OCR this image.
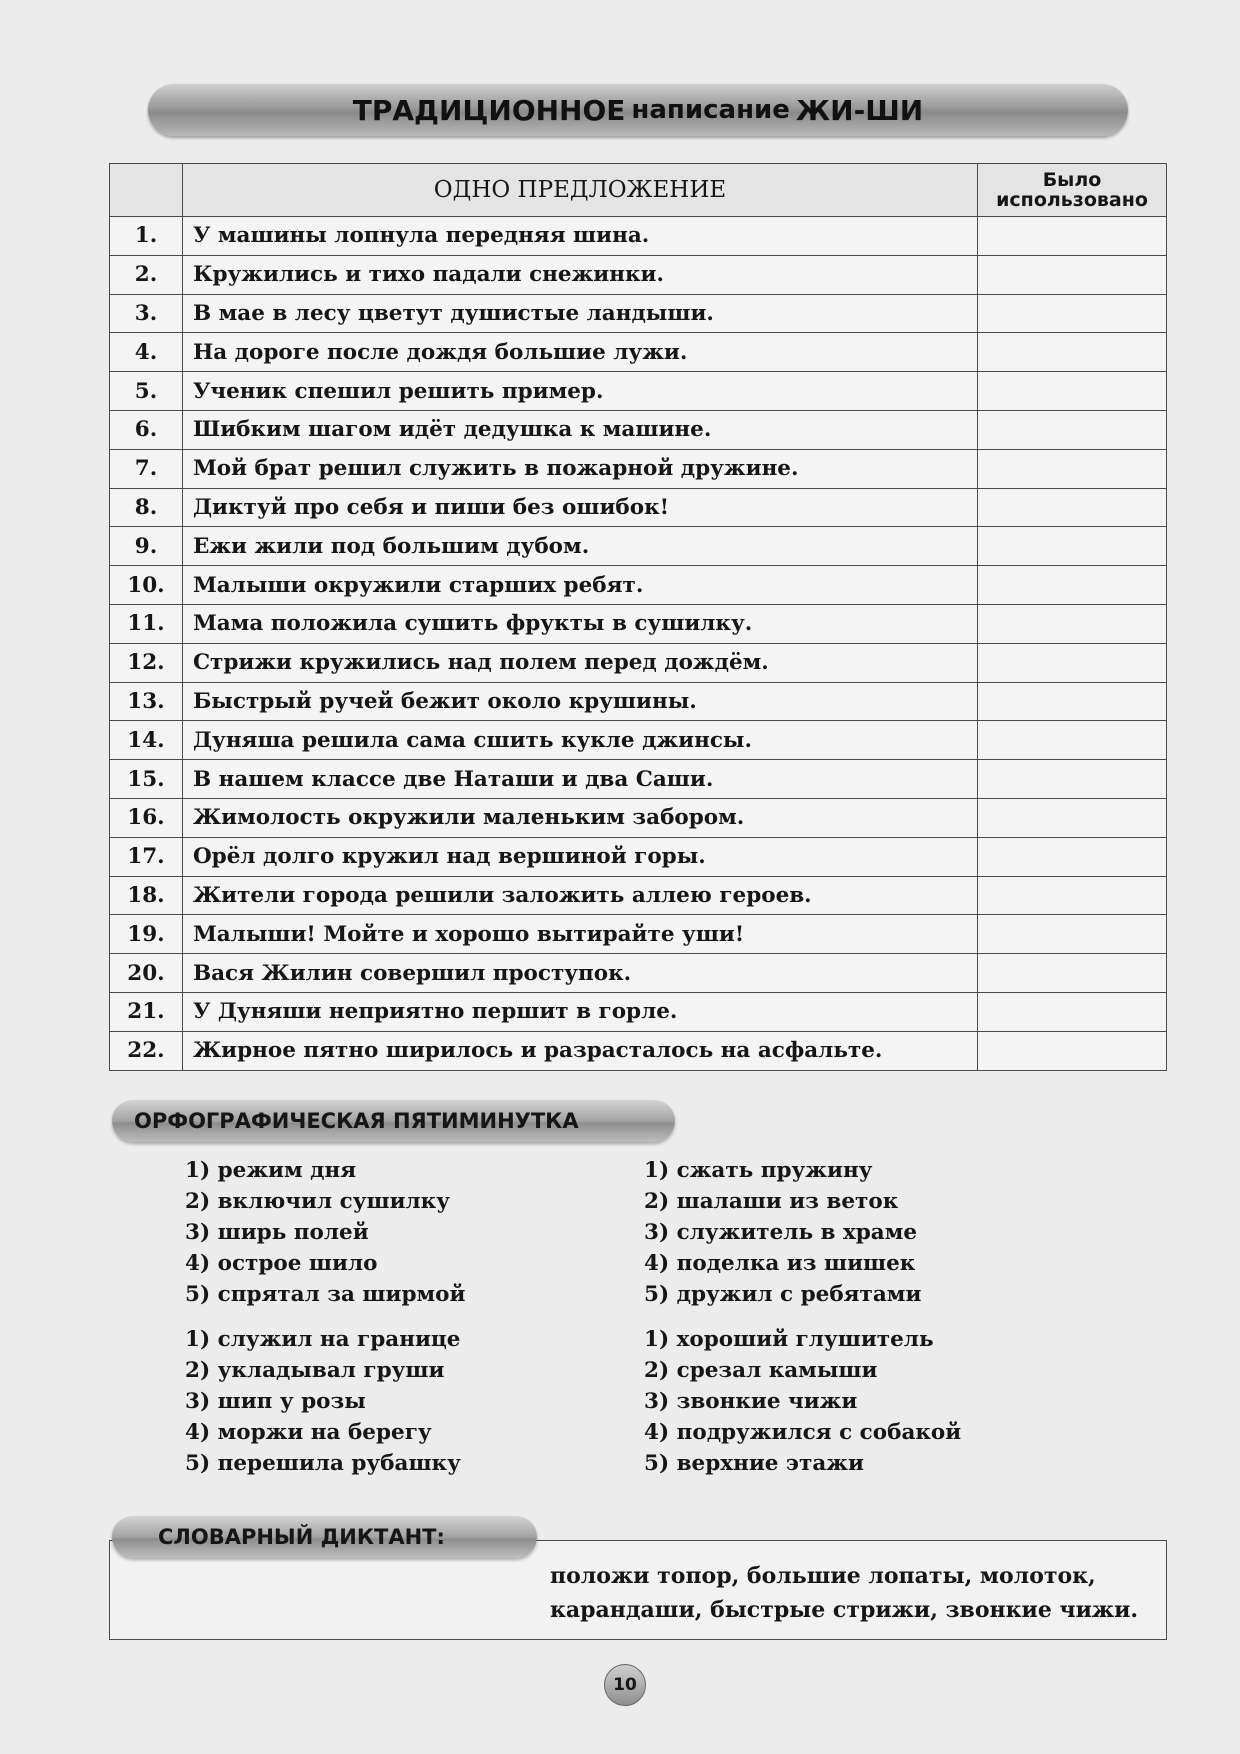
ТРАДИЦИОННОЕ написание ЖИ-ШИ
	ОДНО ПРЕДЛОЖЕНИЕ	Было
использовано

1.	У машины лопнула передняя шина.	
2.	Кружились и тихо падали снежинки.	
3.	В мае в лесу цветут душистые ландыши.	
4.	На дороге после дождя большие лужи.	
5.	Ученик спешил решить пример.	
6.	Шибким шагом идёт дедушка к машине.	
7.	Мой брат решил служить в пожарной дружине.	
8.	Диктуй про себя и пиши без ошибок!	
9.	Ежи жили под большим дубом.	
10.	Малыши окружили старших ребят.	
11.	Мама положила сушить фрукты в сушилку.	
12.	Стрижи кружились над полем перед дождём.	
13.	Быстрый ручей бежит около крушины.	
14.	Дуняша решила сама сшить кукле джинсы.	
15.	В нашем классе две Наташи и два Саши.	
16.	Жимолость окружили маленьким забором.	
17.	Орёл долго кружил над вершиной горы.	
18.	Жители города решили заложить аллею героев.	
19.	Малыши! Мойте и хорошо вытирайте уши!	
20.	Вася Жилин совершил проступок.	
21.	У Дуняши неприятно першит в горле.	
22.	Жирное пятно ширилось и разрасталось на асфальте.	
ОРФОГРАФИЧЕСКАЯ ПЯТИМИНУТКА
1) режим дня
2) включил сушилку
3) ширь полей
4) острое шило
5) спрятал за ширмой
1) служил на границе
2) укладывал груши
3) шип у розы
4) моржи на берегу
5) перешила рубашку
1) сжать пружину
2) шалаши из веток
3) служитель в храме
4) поделка из шишек
5) дружил с ребятами
1) хороший глушитель
2) срезал камыши
3) звонкие чижи
4) подружился с собакой
5) верхние этажи
положи топор, большие лопаты, молоток,
карандаши, быстрые стрижи, звонкие чижи.
СЛОВАРНЫЙ ДИКТАНТ:
10
